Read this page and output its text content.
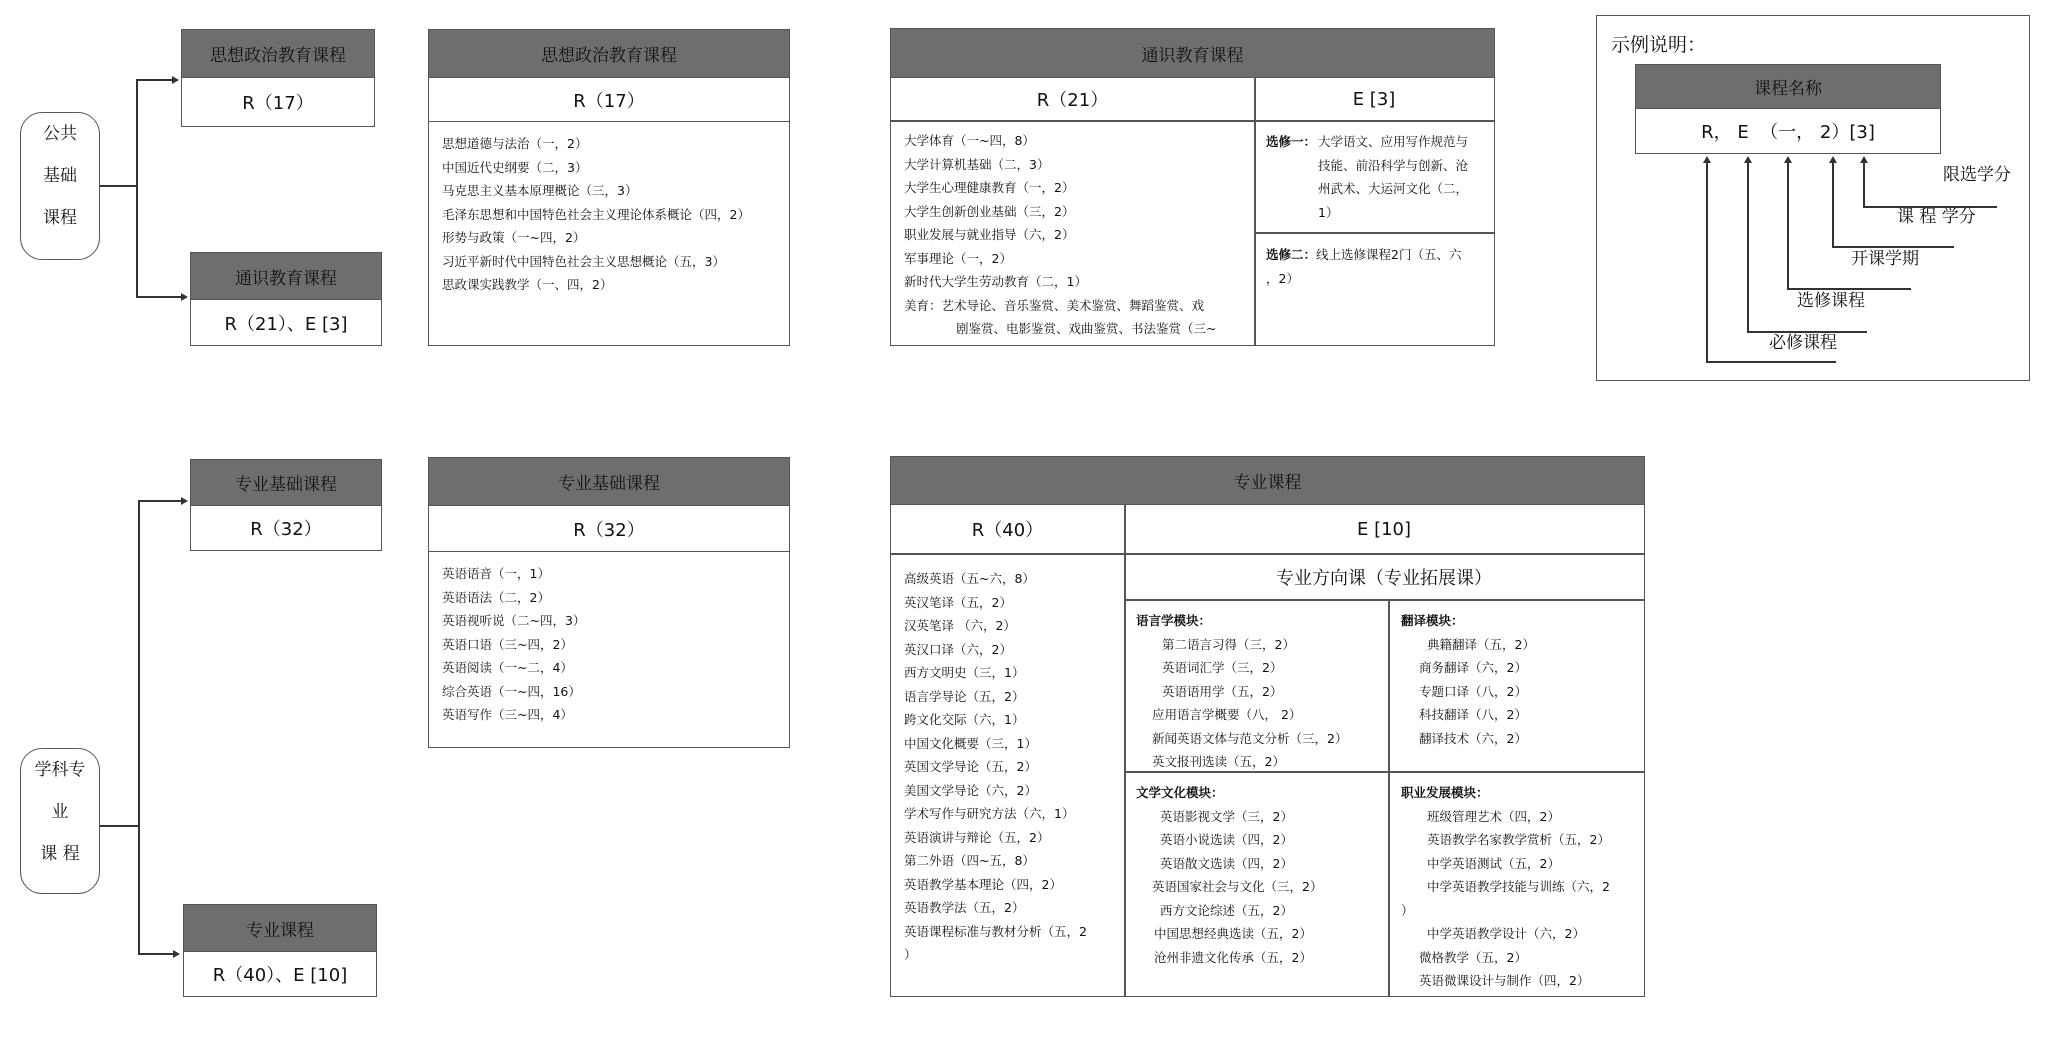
公共
基础
课程
思想政治教育课程
R（17）
通识教育课程
R（21）、E [3]
思想政治教育课程
R（17）
思想道德与法治（一，2）
中国近代史纲要（二，3）
马克思主义基本原理概论（三，3）
毛泽东思想和中国特色社会主义理论体系概论（四，2）
形势与政策（一~四，2）
习近平新时代中国特色社会主义思想概论（五，3）
思政课实践教学（一、四，2）
通识教育课程
R（21）	E [3]
大学体育（一~四，8）
大学计算机基础（二，3）
大学生心理健康教育（一，2）
大学生创新创业基础（三，2）
职业发展与就业指导（六，2）
军事理论（一，2）
新时代大学生劳动教育（二，1）
美育：艺术导论、音乐鉴赏、美术鉴赏、舞蹈鉴赏、戏
剧鉴赏、电影鉴赏、戏曲鉴赏、书法鉴赏（三~
选修一： 大学语文、应用写作规范与
技能、前沿科学与创新、沧
州武术、大运河文化（二，
1）
选修二：线上选修课程2门（五、六
，2）
示例说明：
课程名称
R， E  （一， 2）[3]
限选学分
课 程 学分
开课学期
选修课程
必修课程
学科专
业
课 程
专业基础课程
R（32）
专业课程
R（40）、E [10]
专业基础课程
R（32）
英语语音（一，1）
英语语法（二，2）
英语视听说（二~四，3）
英语口语（三~四，2）
英语阅读（一~二，4）
综合英语（一~四，16）
英语写作（三~四，4）
专业课程
R（40）	E [10]
专业方向课（专业拓展课）
高级英语（五~六，8）
英汉笔译（五，2）
汉英笔译 （六，2）
英汉口译（六，2）
西方文明史（三，1）
语言学导论（五，2）
跨文化交际（六，1）
中国文化概要（三，1）
英国文学导论（五，2）
美国文学导论（六，2）
学术写作与研究方法（六，1）
英语演讲与辩论（五，2）
第二外语（四~五，8）
英语教学基本理论（四，2）
英语教学法（五，2）
英语课程标准与教材分析（五，2
）
语言学模块：
第二语言习得（三，2）
英语词汇学（三，2）
英语语用学（五，2）
应用语言学概要（八， 2）
新闻英语文体与范文分析（三，2）
英文报刊选读（五，2）
翻译模块：
典籍翻译（五，2）
商务翻译（六，2）
专题口译（八，2）
科技翻译（八，2）
翻译技术（六，2）
文学文化模块：
英语影视文学（三，2）
英语小说选读（四，2）
英语散文选读（四，2）
英语国家社会与文化（三，2）
西方文论综述（五，2）
中国思想经典选读（五，2）
沧州非遗文化传承（五，2）
职业发展模块：
班级管理艺术（四，2）
英语教学名家教学赏析（五，2）
中学英语测试（五，2）
中学英语教学技能与训练（六，2
）
中学英语教学设计（六，2）
微格教学（五，2）
英语微课设计与制作（四，2）
